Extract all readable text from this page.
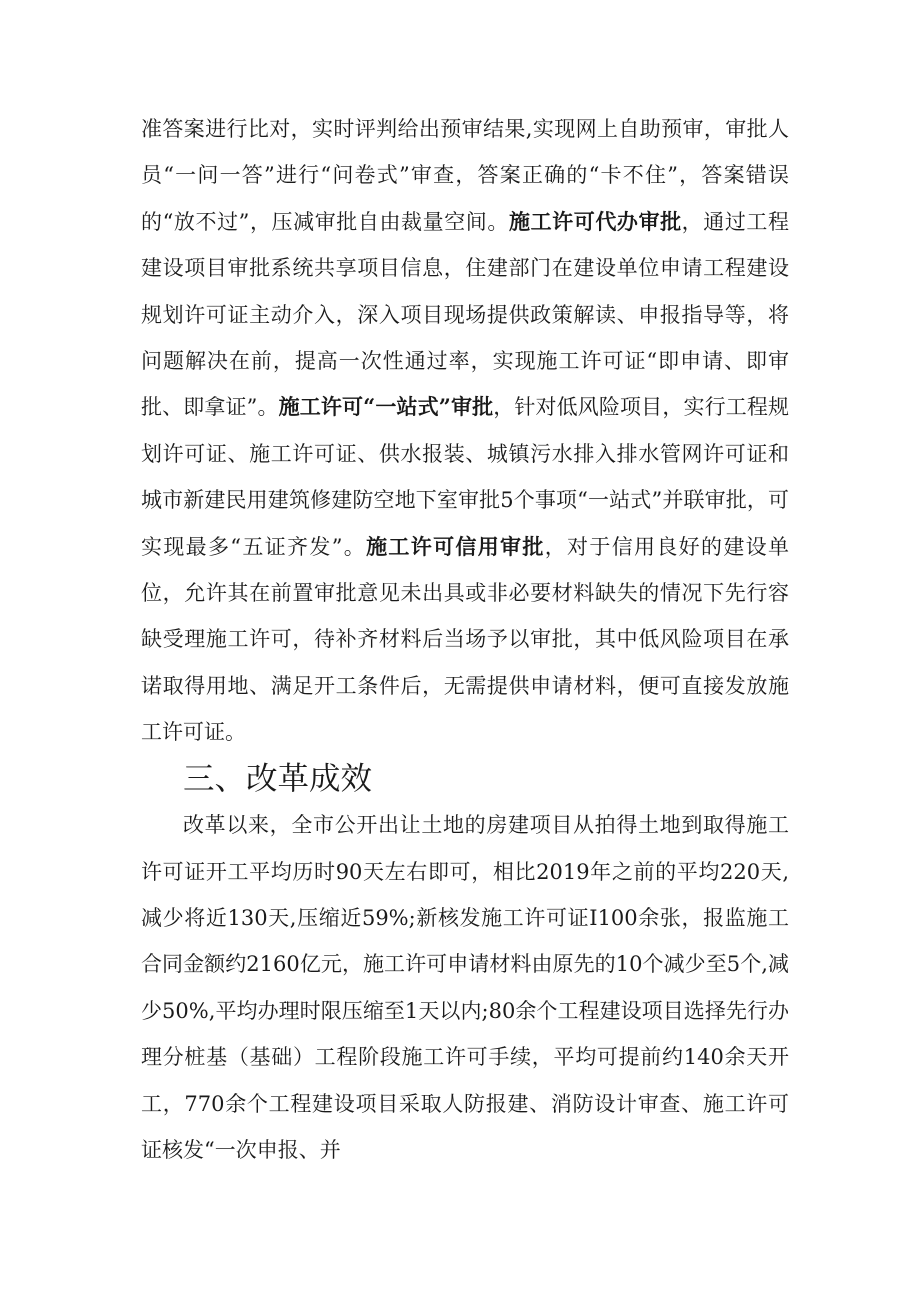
准答案进行比对，实时评判给出预审结果,实现网上自助预审，审批人员“一问一答”进行“问卷式”审查，答案正确的“卡不住”，答案错误的“放不过”，压减审批自由裁量空间。施工许可代办审批，通过工程建设项目审批系统共享项目信息，住建部门在建设单位申请工程建设规划许可证主动介入，深入项目现场提供政策解读、申报指导等，将问题解决在前，提高一次性通过率，实现施工许可证“即申请、即审批、即拿证”。施工许可“一站式”审批，针对低风险项目，实行工程规划许可证、施工许可证、供水报装、城镇污水排入排水管网许可证和城市新建民用建筑修建防空地下室审批5个事项“一站式”并联审批，可实现最多“五证齐发”。施工许可信用审批，对于信用良好的建设单位，允许其在前置审批意见未出具或非必要材料缺失的情况下先行容缺受理施工许可，待补齐材料后当场予以审批，其中低风险项目在承诺取得用地、满足开工条件后，无需提供申请材料，便可直接发放施工许可证。

三、改革成效

改革以来，全市公开出让土地的房建项目从拍得土地到取得施工许可证开工平均历时90天左右即可，相比2019年之前的平均220天,减少将近130天,压缩近59%;新核发施工许可证I100余张，报监施工合同金额约2160亿元，施工许可申请材料由原先的10个减少至5个,减少50%,平均办理时限压缩至1天以内;80余个工程建设项目选择先行办理分桩基（基础）工程阶段施工许可手续，平均可提前约140余天开工，770余个工程建设项目采取人防报建、消防设计审查、施工许可证核发“一次申报、并
